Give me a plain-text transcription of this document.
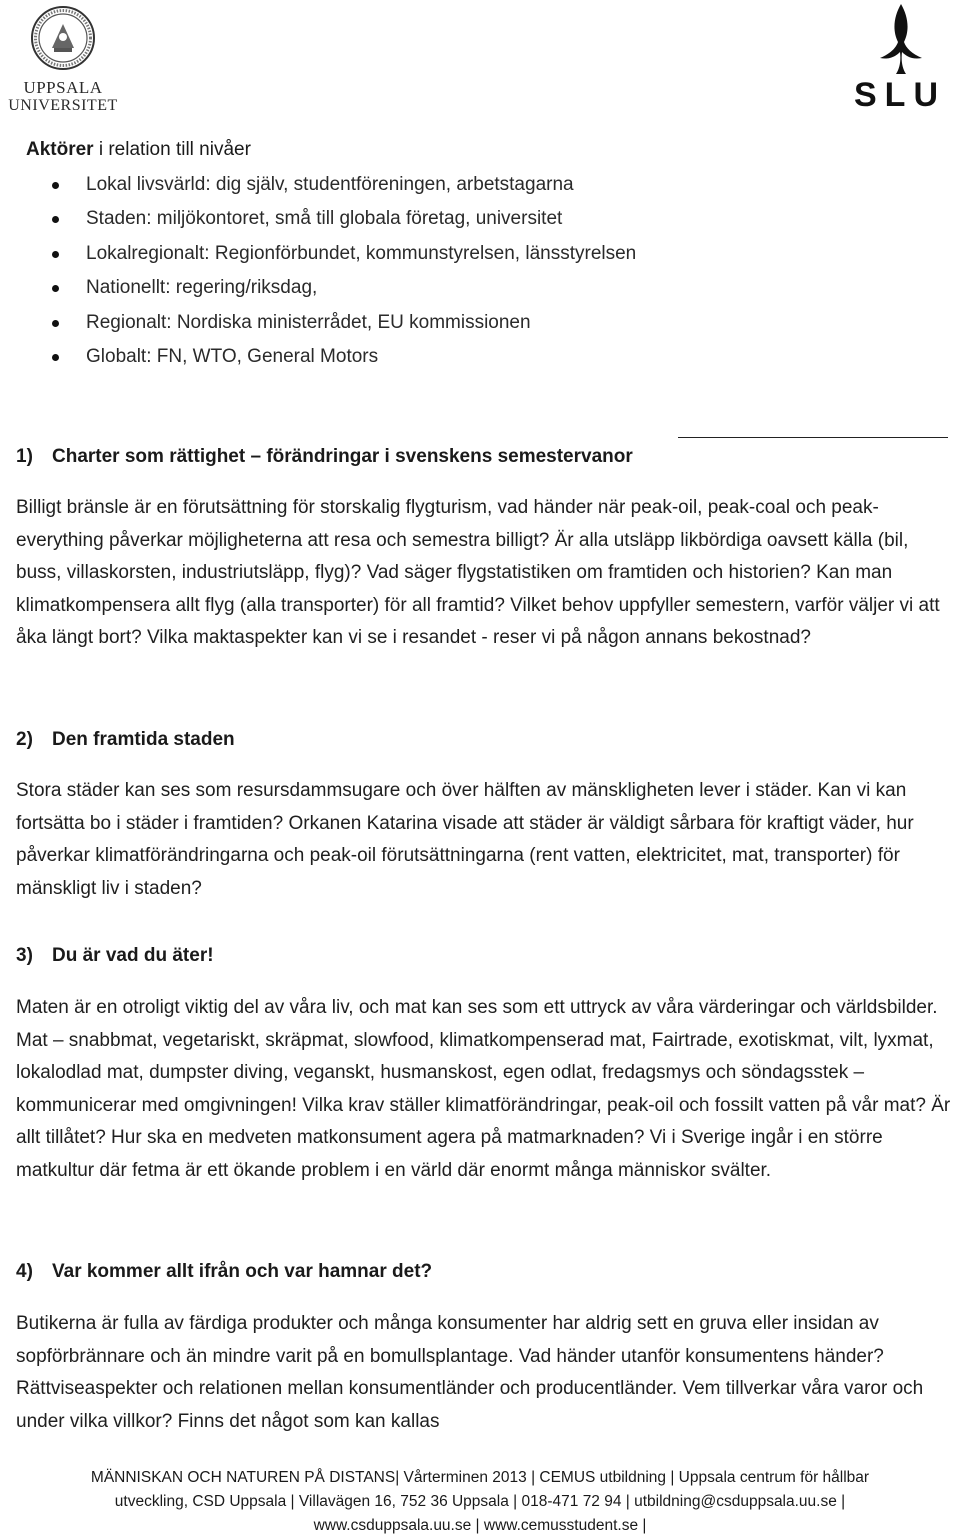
UPPSALA
UNIVERSITET	SLU
Aktörer i relation till nivåer
Lokal livsvärld: dig själv, studentföreningen, arbetstagarna
Staden: miljökontoret, små till globala företag, universitet
Lokalregionalt: Regionförbundet, kommunstyrelsen, länsstyrelsen
Nationellt: regering/riksdag,
Regionalt: Nordiska ministerrådet, EU kommissionen
Globalt: FN, WTO, General Motors
1) Charter som rättighet – förändringar i svenskens semestervanor
Billigt bränsle är en förutsättning för storskalig flygturism, vad händer när peak-oil, peak-coal och peak-everything påverkar möjligheterna att resa och semestra billigt? Är alla utsläpp likbördiga oavsett källa (bil, buss, villaskorsten, industriutsläpp, flyg)? Vad säger flygstatistiken om framtiden och historien? Kan man klimatkompensera allt flyg (alla transporter) för all framtid? Vilket behov uppfyller semestern, varför väljer vi att åka längt bort? Vilka maktaspekter kan vi se i resandet - reser vi på någon annans bekostnad?
2) Den framtida staden
Stora städer kan ses som resursdammsugare och över hälften av mänskligheten lever i städer. Kan vi kan fortsätta bo i städer i framtiden? Orkanen Katarina visade att städer är väldigt sårbara för kraftigt väder, hur påverkar klimatförändringarna och peak-oil förutsättningarna (rent vatten, elektricitet, mat, transporter) för mänskligt liv i staden?
3) Du är vad du äter!
Maten är en otroligt viktig del av våra liv, och mat kan ses som ett uttryck av våra värderingar och världsbilder. Mat – snabbmat, vegetariskt, skräpmat, slowfood, klimatkompenserad mat, Fairtrade, exotiskmat, vilt, lyxmat, lokalodlad mat, dumpster diving, veganskt, husmanskost, egen odlat, fredagsmys och söndagsstek – kommunicerar med omgivningen! Vilka krav ställer klimatförändringar, peak-oil och fossilt vatten på vår mat? Är allt tillåtet? Hur ska en medveten matkonsument agera på matmarknaden? Vi i Sverige ingår i en större matkultur där fetma är ett ökande problem i en värld där enormt många människor svälter.
4) Var kommer allt ifrån och var hamnar det?
Butikerna är fulla av färdiga produkter och många konsumenter har aldrig sett en gruva eller insidan av sopförbrännare och än mindre varit på en bomullsplantage. Vad händer utanför konsumentens händer? Rättviseaspekter och relationen mellan konsumentländer och producentländer. Vem tillverkar våra varor och under vilka villkor? Finns det något som kan kallas
MÄNNISKAN OCH NATUREN PÅ DISTANS| Vårterminen 2013 | CEMUS utbildning | Uppsala centrum för hållbar
utveckling, CSD Uppsala | Villavägen 16, 752 36 Uppsala | 018-471 72 94 | utbildning@csduppsala.uu.se |
www.csduppsala.uu.se | www.cemusstudent.se |
